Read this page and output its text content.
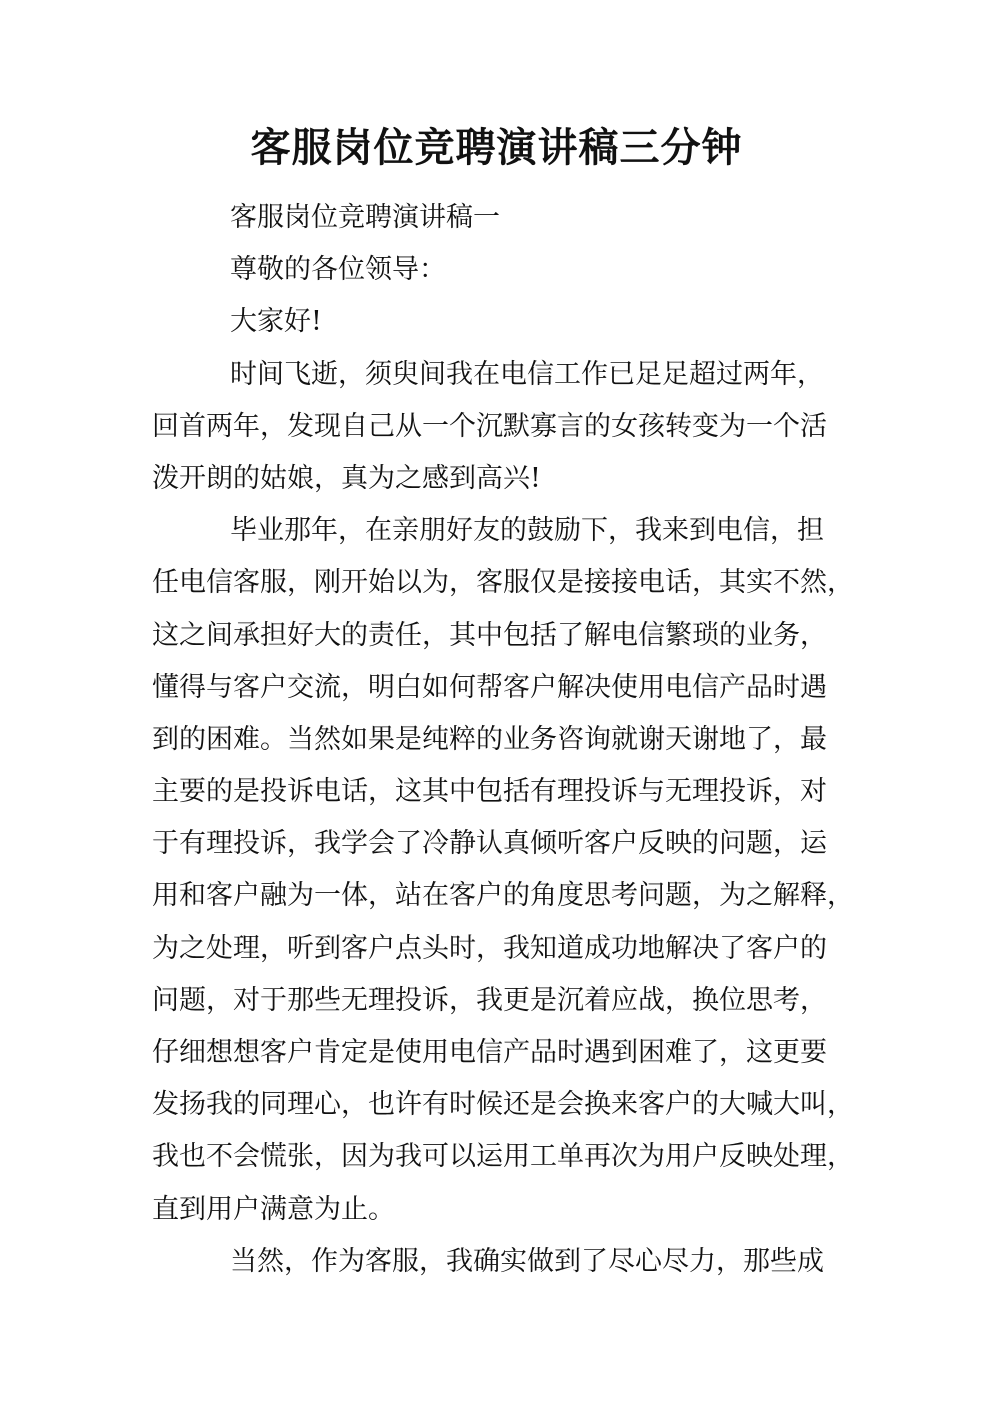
客服岗位竞聘演讲稿三分钟
客服岗位竞聘演讲稿一
尊敬的各位领导：
大家好!
时间飞逝，须臾间我在电信工作已足足超过两年，
回首两年，发现自己从一个沉默寡言的女孩转变为一个活
泼开朗的姑娘，真为之感到高兴!
毕业那年，在亲朋好友的鼓励下，我来到电信，担
任电信客服，刚开始以为，客服仅是接接电话，其实不然，
这之间承担好大的责任，其中包括了解电信繁琐的业务，
懂得与客户交流，明白如何帮客户解决使用电信产品时遇
到的困难。当然如果是纯粹的业务咨询就谢天谢地了，最
主要的是投诉电话，这其中包括有理投诉与无理投诉，对
于有理投诉，我学会了冷静认真倾听客户反映的问题，运
用和客户融为一体，站在客户的角度思考问题，为之解释，
为之处理，听到客户点头时，我知道成功地解决了客户的
问题，对于那些无理投诉，我更是沉着应战，换位思考，
仔细想想客户肯定是使用电信产品时遇到困难了，这更要
发扬我的同理心，也许有时候还是会换来客户的大喊大叫，
我也不会慌张，因为我可以运用工单再次为用户反映处理，
直到用户满意为止。
当然，作为客服，我确实做到了尽心尽力，那些成
